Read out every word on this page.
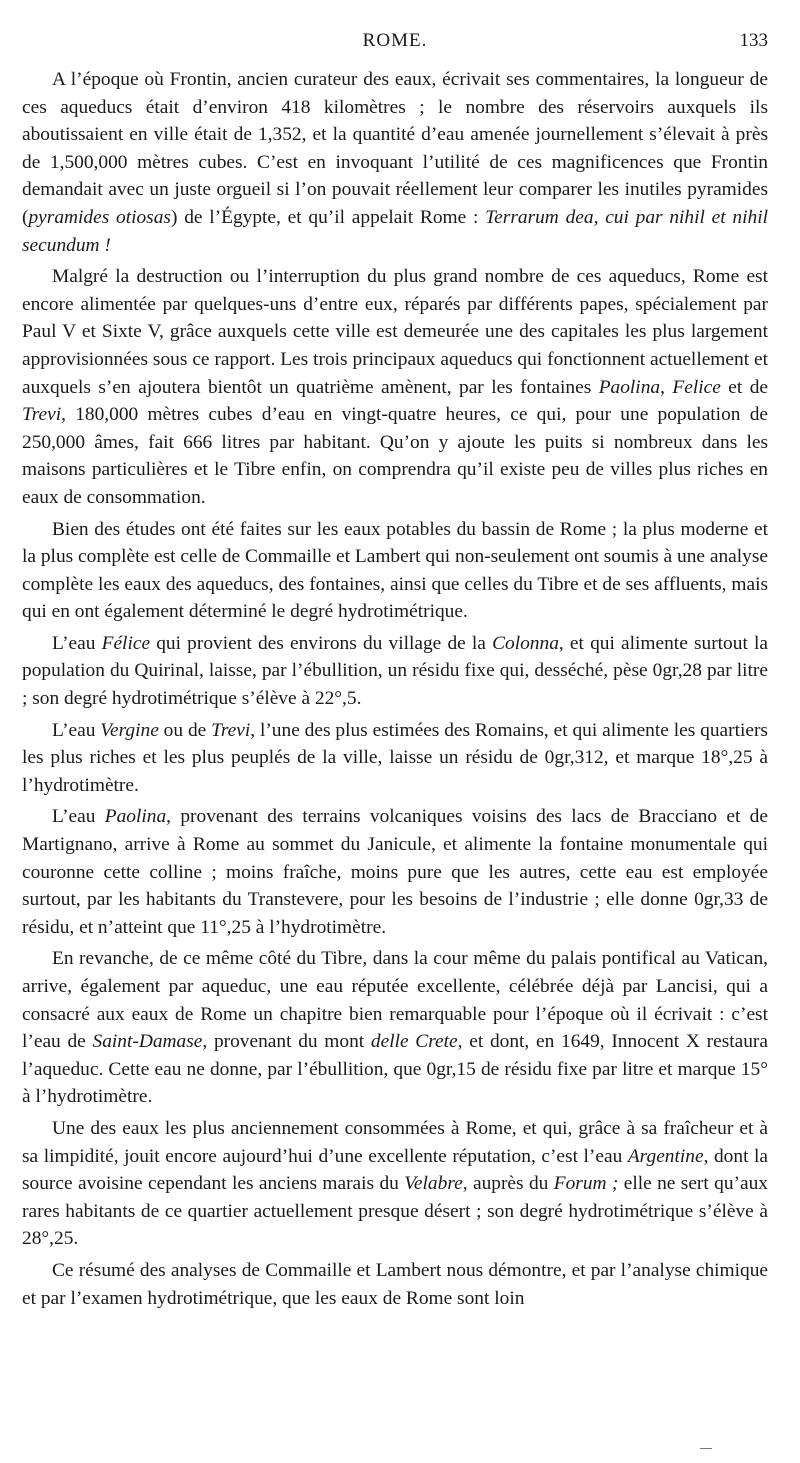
ROME.	133

A l’époque où Frontin, ancien curateur des eaux, écrivait ses commentaires, la longueur de ces aqueducs était d’environ 418 kilomètres ; le nombre des réservoirs auxquels ils aboutissaient en ville était de 1,352, et la quantité d’eau amenée journellement s’élevait à près de 1,500,000 mètres cubes. C’est en invoquant l’utilité de ces magnificences que Frontin demandait avec un juste orgueil si l’on pouvait réellement leur comparer les inutiles pyramides (pyramides otiosas) de l’Égypte, et qu’il appelait Rome : Terrarum dea, cui par nihil et nihil secundum !

Malgré la destruction ou l’interruption du plus grand nombre de ces aqueducs, Rome est encore alimentée par quelques-uns d’entre eux, réparés par différents papes, spécialement par Paul V et Sixte V, grâce auxquels cette ville est demeurée une des capitales les plus largement approvisionnées sous ce rapport. Les trois principaux aqueducs qui fonctionnent actuellement et auxquels s’en ajoutera bientôt un quatrième amènent, par les fontaines Paolina, Felice et de Trevi, 180,000 mètres cubes d’eau en vingt-quatre heures, ce qui, pour une population de 250,000 âmes, fait 666 litres par habitant. Qu’on y ajoute les puits si nombreux dans les maisons particulières et le Tibre enfin, on comprendra qu’il existe peu de villes plus riches en eaux de consommation.

Bien des études ont été faites sur les eaux potables du bassin de Rome ; la plus moderne et la plus complète est celle de Commaille et Lambert qui non-seulement ont soumis à une analyse complète les eaux des aqueducs, des fontaines, ainsi que celles du Tibre et de ses affluents, mais qui en ont également déterminé le degré hydrotimétrique.

L’eau Félice qui provient des environs du village de la Colonna, et qui alimente surtout la population du Quirinal, laisse, par l’ébullition, un résidu fixe qui, desséché, pèse 0gr,28 par litre ; son degré hydrotimétrique s’élève à 22°,5.

L’eau Vergine ou de Trevi, l’une des plus estimées des Romains, et qui alimente les quartiers les plus riches et les plus peuplés de la ville, laisse un résidu de 0gr,312, et marque 18°,25 à l’hydrotimètre.

L’eau Paolina, provenant des terrains volcaniques voisins des lacs de Bracciano et de Martignano, arrive à Rome au sommet du Janicule, et alimente la fontaine monumentale qui couronne cette colline ; moins fraîche, moins pure que les autres, cette eau est employée surtout, par les habitants du Transtevere, pour les besoins de l’industrie ; elle donne 0gr,33 de résidu, et n’atteint que 11°,25 à l’hydrotimètre.

En revanche, de ce même côté du Tibre, dans la cour même du palais pontifical au Vatican, arrive, également par aqueduc, une eau réputée excellente, célébrée déjà par Lancisi, qui a consacré aux eaux de Rome un chapitre bien remarquable pour l’époque où il écrivait : c’est l’eau de Saint-Damase, provenant du mont delle Crete, et dont, en 1649, Innocent X restaura l’aqueduc. Cette eau ne donne, par l’ébullition, que 0gr,15 de résidu fixe par litre et marque 15° à l’hydrotimètre.

Une des eaux les plus anciennement consommées à Rome, et qui, grâce à sa fraîcheur et à sa limpidité, jouit encore aujourd’hui d’une excellente réputation, c’est l’eau Argentine, dont la source avoisine cependant les anciens marais du Velabre, auprès du Forum ; elle ne sert qu’aux rares habitants de ce quartier actuellement presque désert ; son degré hydrotimétrique s’élève à 28°,25.

Ce résumé des analyses de Commaille et Lambert nous démontre, et par l’analyse chimique et par l’examen hydrotimétrique, que les eaux de Rome sont loin
